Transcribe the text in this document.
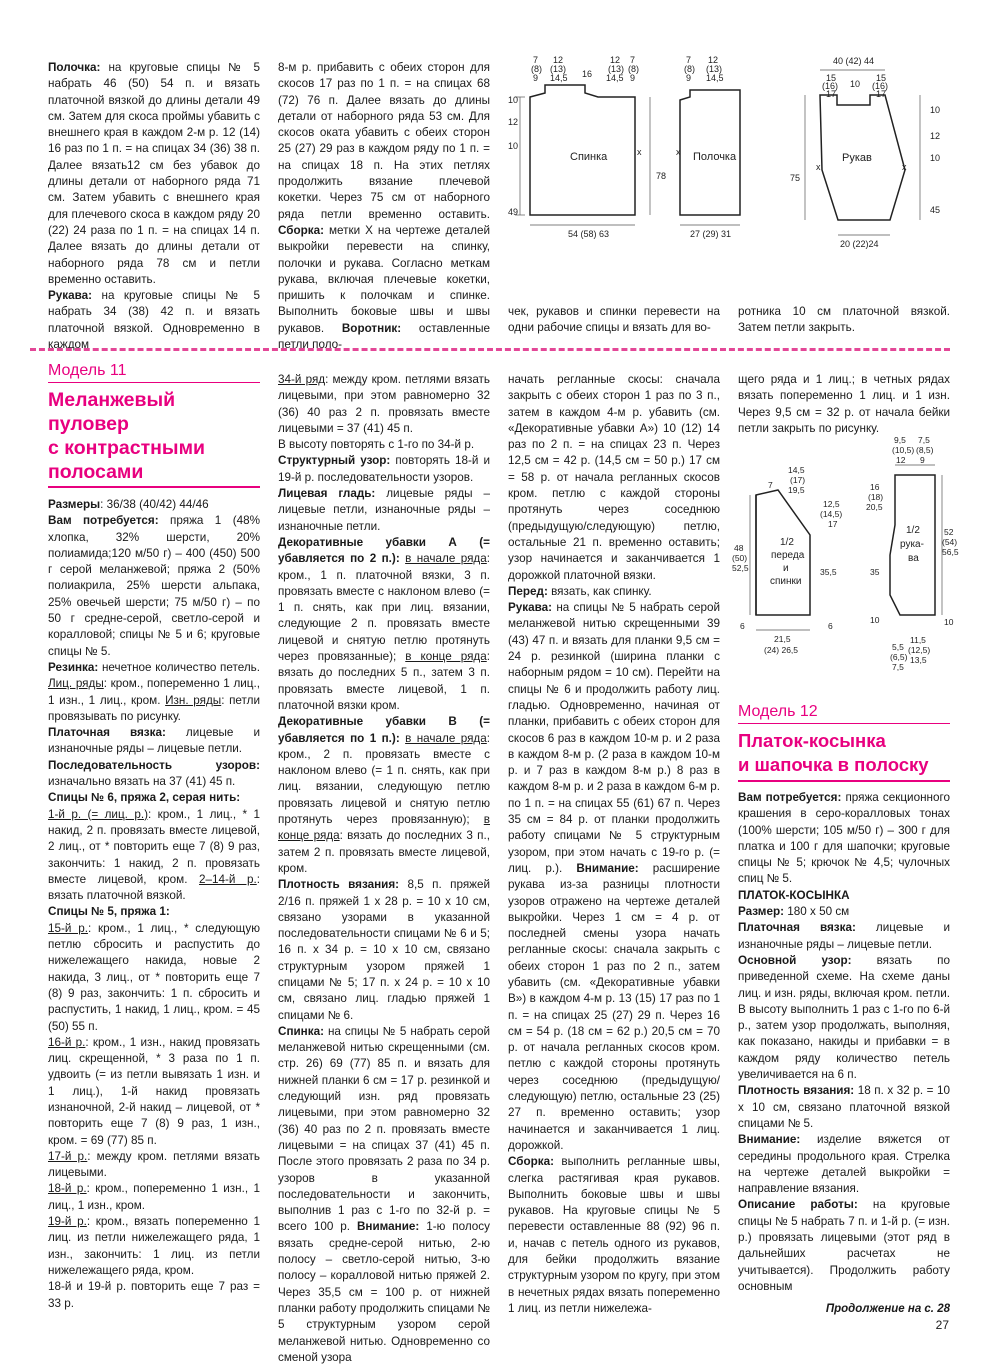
Полочка: на круговые спицы № 5 набрать 46 (50) 54 п. и вязать платочной вязкой до длины детали 49 см. Затем для скоса проймы убавить с внешнего края в каждом 2-м р. 12 (14) 16 раз по 1 п. = на спицах 34 (36) 38 п. Далее вязать12 см без убавок до длины детали от наборного ряда 71 см. Затем убавить с внешнего края для плечевого скоса в каждом ряду 20 (22) 24 раза по 1 п. = на спицах 14 п. Далее вязать до длины детали от наборного ряда 78 см и петли временно оставить.

Рукава: на круговые спицы № 5 набрать 34 (38) 42 п. и вязать платочной вязкой. Одновременно в каждом

8-м р. прибавить с обеих сторон для скосов 17 раз по 1 п. = на спицах 68 (72) 76 п. Далее вязать до длины детали от наборного ряда 53 см. Для скосов оката убавить с обеих сторон 25 (27) 29 раз в каждом ряду по 1 п. = на спицах 18 п. На этих петлях продолжить вязание плечевой кокетки. Через 75 см от наборного ряда петли временно оставить. Сборка: метки Х на чертеже деталей выкройки перевести на спинку, полочки и рукава. Согласно меткам рукава, включая плечевые кокетки, пришить к полочкам и спинке. Выполнить боковые швы и швы рукавов. Воротник: оставленные петли поло-

чек, рукавов и спинки перевести на одни рабочие спицы и вязать для во-
ротника 10 см платочной вязкой. Затем петли закрыть.
Спинка	Полочка	Рукав
7 12
16
12 7
(8) (13)	(13) (8)
9 14,5	14,5 9
10
12
10
49
78
54 (58) 63
7 12
(8) (13)
9 14,5
27 (29) 31
40 (42) 44
15
10
15
(16)	(16)
17	17
75
10
12
10
45
20 (22)24
x	x
x	x
Модель 11
Меланжевый
пуловер
с контрастными
полосами

Размеры: 36/38 (40/42) 44/46

Вам потребуется: пряжа 1 (48% хлопка, 32% шерсти, 20% полиамида;120 м/50 г) – 400 (450) 500 г серой меланжевой; пряжа 2 (50% полиакрила, 25% шерсти альпака, 25% овечьей шерсти; 75 м/50 г) – по 50 г средне-серой, светло-серой и коралловой; спицы № 5 и 6; круговые спицы № 5.

Резинка: нечетное количество петель. Лиц. ряды: кром., попеременно 1 лиц., 1 изн., 1 лиц., кром. Изн. ряды: петли провязывать по рисунку.

Платочная вязка: лицевые и изнаночные ряды – лицевые петли.

Последовательность узоров: изначально вязать на 37 (41) 45 п.

Спицы № 6, пряжа 2, серая нить:

1-й р. (= лиц. р.): кром., 1 лиц., * 1 накид, 2 п. провязать вместе лицевой, 2 лиц., от * повторить еще 7 (8) 9 раз, закончить: 1 накид, 2 п. провязать вместе лицевой, кром. 2–14-й р.: вязать платочной вязкой.

Спицы № 5, пряжа 1:

15-й р.: кром., 1 лиц., * следующую петлю сбросить и распустить до нижележащего накида, новые 2 накида, 3 лиц., от * повторить еще 7 (8) 9 раз, закончить: 1 п. сбросить и распустить, 1 накид, 1 лиц., кром. = 45 (50) 55 п.

16-й р.: кром., 1 изн., накид провязать лиц. скрещенной, * 3 раза по 1 п. удвоить (= из петли вывязать 1 изн. и 1 лиц.), 1-й накид провязать изнаночной, 2-й накид – лицевой, от * повторить еще 7 (8) 9 раз, 1 изн., кром. = 69 (77) 85 п.

17-й р.: между кром. петлями вязать лицевыми.

18-й р.: кром., попеременно 1 изн., 1 лиц., 1 изн., кром.

19-й р.: кром., вязать попеременно 1 лиц. из петли нижележащего ряда, 1 изн., закончить: 1 лиц. из петли нижележащего ряда, кром.

18-й и 19-й р. повторить еще 7 раз = 33 р.

34-й ряд: между кром. петлями вязать лицевыми, при этом равномерно 32 (36) 40 раз 2 п. провязать вместе лицевыми = 37 (41) 45 п.

В высоту повторять с 1-го по 34-й р.

Структурный узор: повторять 18-й и 19-й р. последовательности узоров.

Лицевая гладь: лицевые ряды – лицевые петли, изнаночные ряды – изнаночные петли.

Декоративные убавки А (= убавляется по 2 п.): в начале ряда: кром., 1 п. платочной вязки, 3 п. провязать вместе с наклоном влево (= 1 п. снять, как при лиц. вязании, следующие 2 п. провязать вместе лицевой и снятую петлю протянуть через провязанные); в конце ряда: вязать до последних 5 п., затем 3 п. провязать вместе лицевой, 1 п. платочной вязки кром.

Декоративные убавки В (= убавляется по 1 п.): в начале ряда: кром., 2 п. провязать вместе с наклоном влево (= 1 п. снять, как при лиц. вязании, следующую петлю провязать лицевой и снятую петлю протянуть через провязанную); в конце ряда: вязать до последних 3 п., затем 2 п. провязать вместе лицевой, кром.

Плотность вязания: 8,5 п. пряжей 2/16 п. пряжей 1 х 28 р. = 10 х 10 см, связано узорами в указанной последовательности спицами № 6 и 5; 16 п. х 34 р. = 10 х 10 см, связано структурным узором пряжей 1 спицами № 5; 17 п. х 24 р. = 10 х 10 см, связано лиц. гладью пряжей 1 спицами № 6.

Спинка: на спицы № 5 набрать серой меланжевой нитью скрещенными (см. стр. 26) 69 (77) 85 п. и вязать для нижней планки 6 см = 17 р. резинкой и следующий изн. ряд провязать лицевыми, при этом равномерно 32 (36) 40 раз по 2 п. провязать вместе лицевыми = на спицах 37 (41) 45 п. После этого провязать 2 раза по 34 р. узоров в указанной последовательности и закончить, выполнив 1 раз с 1-го по 32-й р. = всего 100 р. Внимание: 1-ю полосу вязать средне-серой нитью, 2-ю полосу – светло-серой нитью, 3-ю полосу – коралловой нитью пряжей 2. Через 35,5 см = 100 р. от нижней планки работу продолжить спицами № 5 структурным узором серой меланжевой нитью. Одновременно со сменой узора

начать регланные скосы: сначала закрыть с обеих сторон 1 раз по 3 п., затем в каждом 4-м р. убавить (см. «Декоративные убавки А») 10 (12) 14 раз по 2 п. = на спицах 23 п. Через 12,5 см = 42 р. (14,5 см = 50 р.) 17 см = 58 р. от начала регланных скосов кром. петлю с каждой стороны протянуть через соседнюю (предыдущую/следующую) петлю, остальные 21 п. временно оставить; узор начинается и заканчивается 1 дорожкой платочной вязки.

Перед: вязать, как спинку.

Рукава: на спицы № 5 набрать серой меланжевой нитью скрещенными 39 (43) 47 п. и вязать для планки 9,5 см = 24 р. резинкой (ширина планки с наборным рядом = 10 см). Перейти на спицы № 6 и продолжить работу лиц. гладью. Одновременно, начиная от планки, прибавить с обеих сторон для скосов 6 раз в каждом 10-м р. и 2 раза в каждом 8-м р. (2 раза в каждом 10-м р. и 7 раз в каждом 8-м р.) 8 раз в каждом 8-м р. и 2 раза в каждом 6-м р. по 1 п. = на спицах 55 (61) 67 п. Через 35 см = 84 р. от планки продолжить работу спицами № 5 структурным узором, при этом начать с 19-го р. (= лиц. р.). Внимание: расширение рукава из-за разницы плотности узоров отражено на чертеже деталей выкройки. Через 1 см = 4 р. от последней смены узора начать регланные скосы: сначала закрыть с обеих сторон 1 раз по 2 п., затем убавить (см. «Декоративные убавки В») в каждом 4-м р. 13 (15) 17 раз по 1 п. = на спицах 25 (27) 29 п. Через 16 см = 54 р. (18 см = 62 р.) 20,5 см = 70 р. от начала регланных скосов кром. петлю с каждой стороны протянуть через соседнюю (предыдущую/следующую) петлю, остальные 23 (25) 27 п. временно оставить; узор начинается и заканчивается 1 лиц. дорожкой.

Сборка: выполнить регланные швы, слегка растягивая края рукавов. Выполнить боковые швы и швы рукавов. На круговые спицы № 5 перевести оставленные 88 (92) 96 п. и, начав с петель одного из рукавов, для бейки продолжить вязание структурным узором по кругу, при этом в нечетных рядах вязать попеременно 1 лиц. из петли нижележа-

щего ряда и 1 лиц.; в четных рядах вязать попеременно 1 лиц. и 1 изн. Через 9,5 см = 32 р. от начала бейки петли закрыть по рисунку.
1/2
переда
и
спинки
1/2
рука-
ва
14,5
(17)
19,5
7
48
(50)
52,5
6	6
35,5
21,5
(24) 26,5
12,5
(14,5)
17
9,5
(10,5)
12
7,5
(8,5)
9
16
(18)
20,5
35
10	10
52
(54)
56,5
11,5
(12,5)
13,5
5,5
(6,5)
7,5
Модель 12
Платок-косынка
и шапочка в полоску

Вам потребуется: пряжа секционного крашения в серо-коралловых тонах (100% шерсти; 105 м/50 г) – 300 г для платка и 100 г для шапочки; круговые спицы № 5; крючок № 4,5; чулочных спиц № 5.

ПЛАТОК-КОСЫНКА

Размер: 180 х 50 см

Платочная вязка: лицевые и изнаночные ряды – лицевые петли.

Основной узор: вязать по приведенной схеме. На схеме даны лиц. и изн. ряды, включая кром. петли. В высоту выполнить 1 раз с 1-го по 6-й р., затем узор продолжать, выполняя, как показано, накиды и прибавки = в каждом ряду количество петель увеличивается на 6 п.

Плотность вязания: 18 п. х 32 р. = 10 х 10 см, связано платочной вязкой спицами № 5.

Внимание: изделие вяжется от середины продольного края. Стрелка на чертеже деталей выкройки = направление вязания.

Описание работы: на круговые спицы № 5 набрать 7 п. и 1-й р. (= изн. р.) провязать лицевыми (этот ряд в дальнейших расчетах не учитывается). Продолжить работу основным

Продолжение на с. 28
27
